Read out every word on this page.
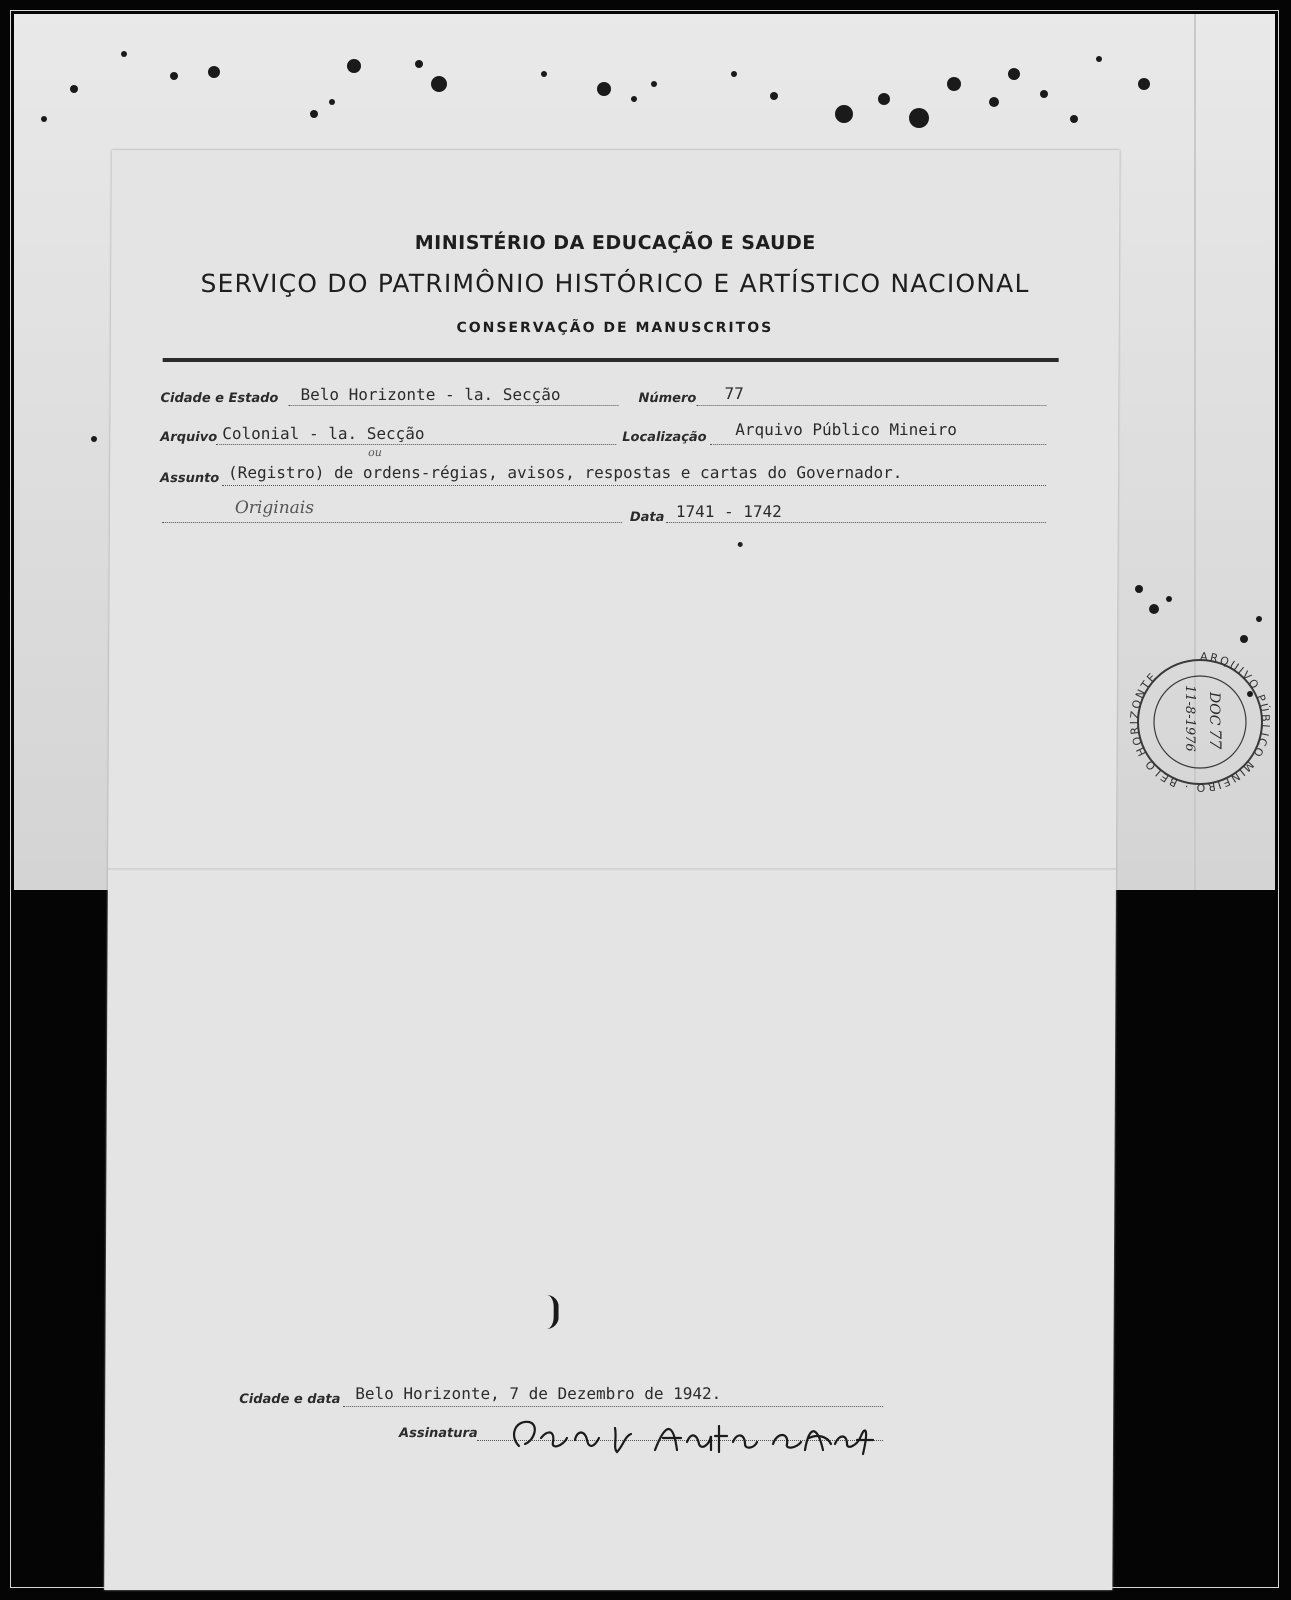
ARQUIVO PÚBLICO MINEIRO · BELO HORIZONTE
DOC
77
11-8-1976
MINISTÉRIO DA EDUCAÇÃO E SAUDE
SERVIÇO DO PATRIMÔNIO HISTÓRICO E ARTÍSTICO NACIONAL
CONSERVAÇÃO DE MANUSCRITOS
Cidade e Estado Belo Horizonte - la. Secção	Número 77
Arquivo Colonial - la. Secção	Localização Arquivo Público Mineiro
Assunto (Registro) de ordens-régias, avisos, respostas e cartas do Governador.
ou
Originais	Data 1741 - 1742
Cidade e data Belo Horizonte, 7 de Dezembro de 1942.
Assinatura
